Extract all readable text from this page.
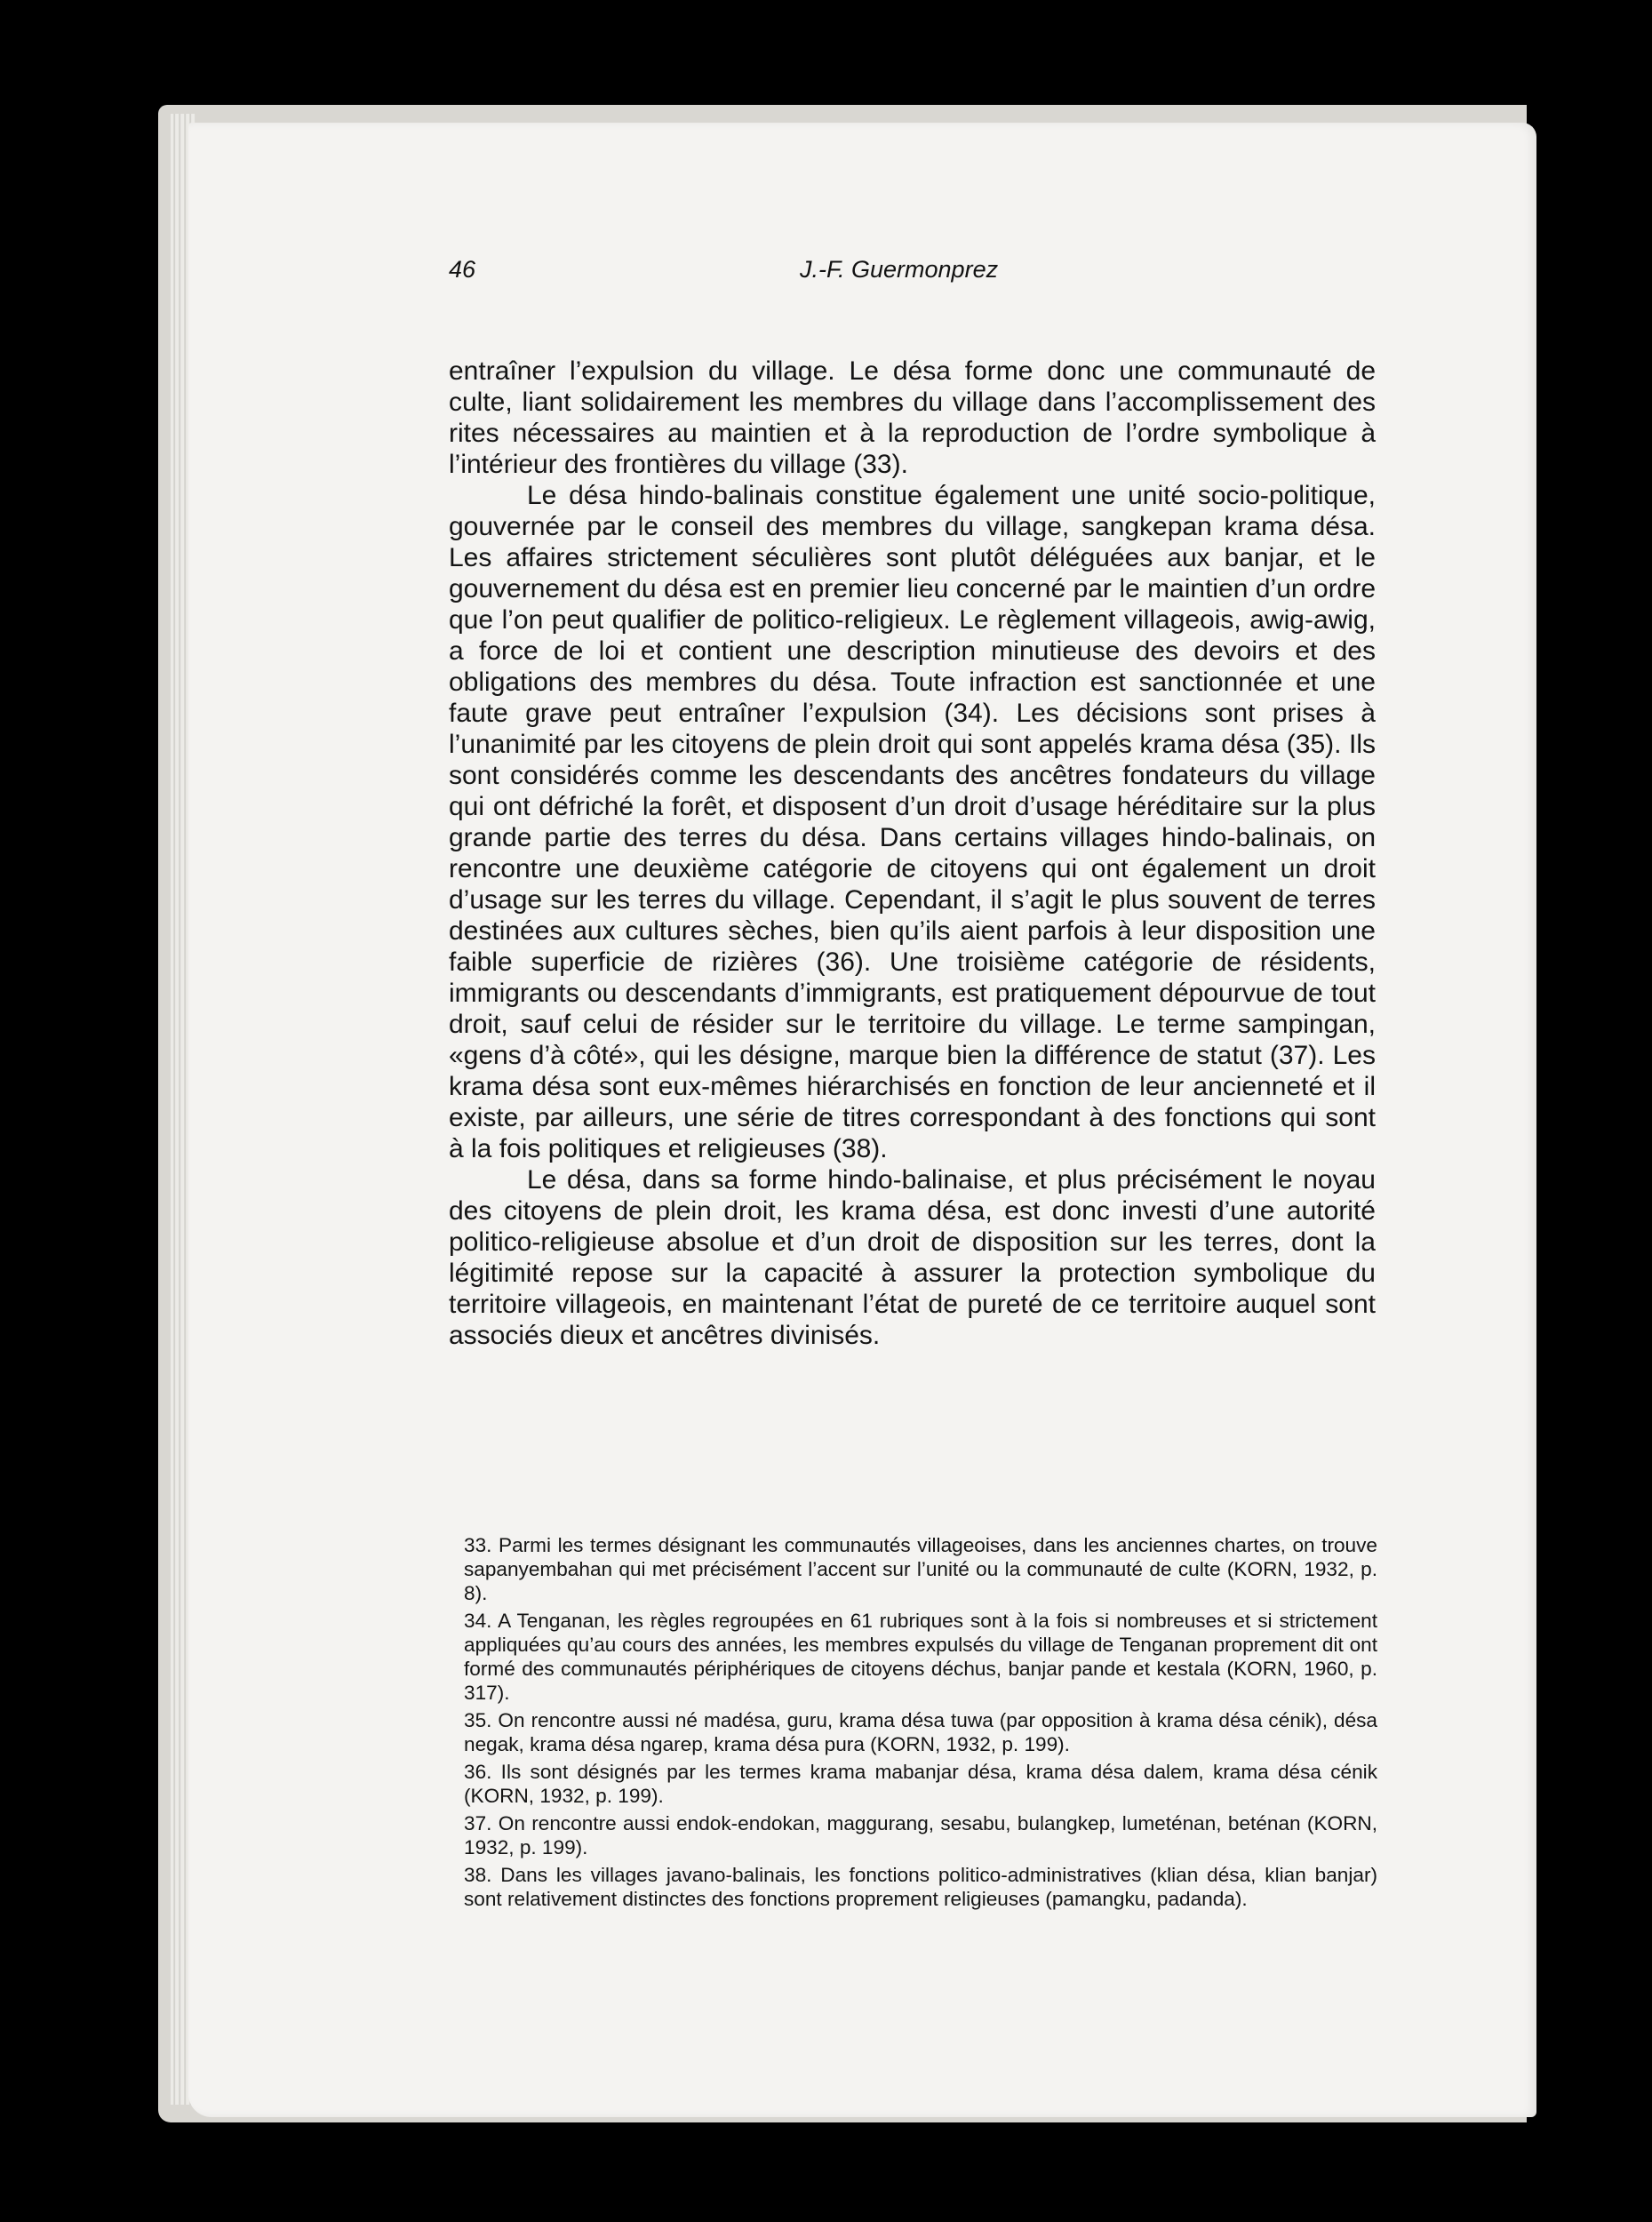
46	J.-F. Guermonprez

entraîner l’expulsion du village. Le désa forme donc une communauté de culte, liant solidairement les membres du village dans l’accomplissement des rites nécessaires au maintien et à la reproduction de l’ordre symbolique à l’intérieur des frontières du village (33).

Le désa hindo-balinais constitue également une unité socio-politique, gouvernée par le conseil des membres du village, sangkepan krama désa. Les affaires strictement séculières sont plutôt déléguées aux banjar, et le gouvernement du désa est en premier lieu concerné par le maintien d’un ordre que l’on peut qualifier de politico-religieux. Le règlement villageois, awig-awig, a force de loi et contient une description minutieuse des devoirs et des obligations des membres du désa. Toute infraction est sanctionnée et une faute grave peut entraîner l’expulsion (34). Les décisions sont prises à l’unanimité par les citoyens de plein droit qui sont appelés krama désa (35). Ils sont considérés comme les descendants des ancêtres fondateurs du village qui ont défriché la forêt, et disposent d’un droit d’usage héréditaire sur la plus grande partie des terres du désa. Dans certains villages hindo-balinais, on rencontre une deuxième catégorie de citoyens qui ont également un droit d’usage sur les terres du village. Cependant, il s’agit le plus souvent de terres destinées aux cultures sèches, bien qu’ils aient parfois à leur disposition une faible superficie de rizières (36). Une troisième catégorie de résidents, immigrants ou descendants d’immigrants, est pratiquement dépourvue de tout droit, sauf celui de résider sur le territoire du village. Le terme sampingan, «gens d’à côté», qui les désigne, marque bien la différence de statut (37). Les krama désa sont eux-mêmes hiérarchisés en fonction de leur ancienneté et il existe, par ailleurs, une série de titres correspondant à des fonctions qui sont à la fois politiques et religieuses (38).

Le désa, dans sa forme hindo-balinaise, et plus précisément le noyau des citoyens de plein droit, les krama désa, est donc investi d’une autorité politico-religieuse absolue et d’un droit de disposition sur les terres, dont la légitimité repose sur la capacité à assurer la protection symbolique du territoire villageois, en maintenant l’état de pureté de ce territoire auquel sont associés dieux et ancêtres divinisés.

33. Parmi les termes désignant les communautés villageoises, dans les anciennes chartes, on trouve sapanyembahan qui met précisément l’accent sur l’unité ou la communauté de culte (KORN, 1932, p. 8).

34. A Tenganan, les règles regroupées en 61 rubriques sont à la fois si nombreuses et si strictement appliquées qu’au cours des années, les membres expulsés du village de Tenganan proprement dit ont formé des communautés périphériques de citoyens déchus, banjar pande et kestala (KORN, 1960, p. 317).

35. On rencontre aussi né madésa, guru, krama désa tuwa (par opposition à krama désa cénik), désa negak, krama désa ngarep, krama désa pura (KORN, 1932, p. 199).

36. Ils sont désignés par les termes krama mabanjar désa, krama désa dalem, krama désa cénik (KORN, 1932, p. 199).

37. On rencontre aussi endok-endokan, maggurang, sesabu, bulangkep, lumeténan, beténan (KORN, 1932, p. 199).

38. Dans les villages javano-balinais, les fonctions politico-administratives (klian désa, klian banjar) sont relativement distinctes des fonctions proprement religieuses (pamangku, padanda).
